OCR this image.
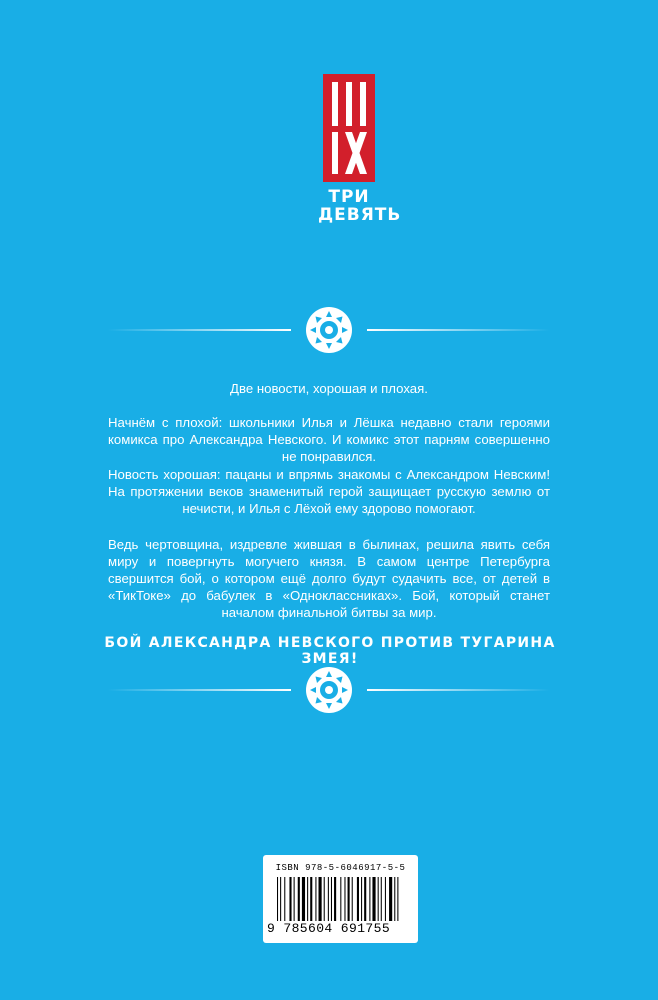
ТРИ
ДЕВЯТЬ

Две новости, хорошая и плохая.

Начнём с плохой: школьники Илья и Лёшка недавно стали героями комикса про Александра Невского. И комикс этот парням совершенно не понравился.

Новость хорошая: пацаны и впрямь знакомы с Александром Невским! На протяжении веков знаменитый герой защищает русскую землю от нечисти, и Илья с Лёхой ему здорово помогают.

Ведь чертовщина, издревле жившая в былинах, решила явить себя миру и повергнуть могучего князя. В самом центре Петербурга свершится бой, о котором ещё долго будут судачить все, от детей в «ТикТоке» до бабулек в «Одноклассниках». Бой, который станет началом финальной битвы за мир.

БОЙ АЛЕКСАНДРА НЕВСКОГО ПРОТИВ ТУГАРИНА ЗМЕЯ!
ISBN 978-5-6046917-5-5
9 785604 691755
